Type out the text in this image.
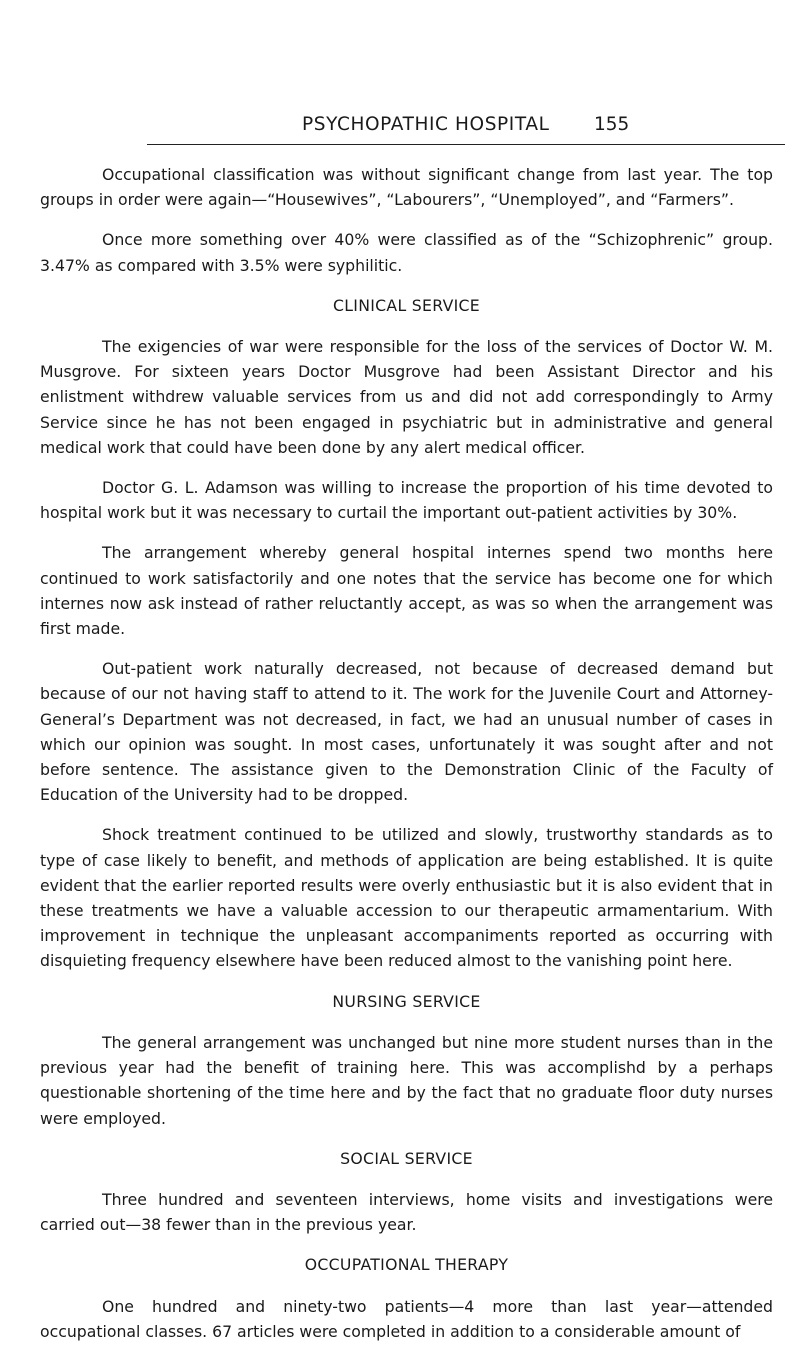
PSYCHOPATHIC HOSPITAL 155

Occupational classification was without significant change from last year. The top groups in order were again—“Housewives”, “Labourers”, “Unemployed”, and “Farmers”.

Once more something over 40% were classified as of the “Schizophrenic” group. 3.47% as compared with 3.5% were syphilitic.

CLINICAL SERVICE

The exigencies of war were responsible for the loss of the services of Doctor W. M. Musgrove. For sixteen years Doctor Musgrove had been Assistant Director and his enlistment withdrew valuable services from us and did not add correspondingly to Army Service since he has not been engaged in psychiatric but in administrative and general medical work that could have been done by any alert medical officer.

Doctor G. L. Adamson was willing to increase the proportion of his time devoted to hospital work but it was necessary to curtail the important out-patient activities by 30%.

The arrangement whereby general hospital internes spend two months here continued to work satisfactorily and one notes that the service has become one for which internes now ask instead of rather reluctantly accept, as was so when the arrangement was first made.

Out-patient work naturally decreased, not because of decreased demand but because of our not having staff to attend to it. The work for the Juvenile Court and Attorney-General’s Department was not decreased, in fact, we had an unusual number of cases in which our opinion was sought. In most cases, unfortunately it was sought after and not before sentence. The assistance given to the Demonstration Clinic of the Faculty of Education of the University had to be dropped.

Shock treatment continued to be utilized and slowly, trustworthy standards as to type of case likely to benefit, and methods of application are being established. It is quite evident that the earlier reported results were overly enthusiastic but it is also evident that in these treatments we have a valuable accession to our therapeutic armamentarium. With improvement in technique the unpleasant accompaniments reported as occurring with disquieting frequency elsewhere have been reduced almost to the vanishing point here.

NURSING SERVICE

The general arrangement was unchanged but nine more student nurses than in the previous year had the benefit of training here. This was accomplishd by a perhaps questionable shortening of the time here and by the fact that no graduate floor duty nurses were employed.

SOCIAL SERVICE

Three hundred and seventeen interviews, home visits and investigations were carried out—38 fewer than in the previous year.

OCCUPATIONAL THERAPY

One hundred and ninety-two patients—4 more than last year—attended occupational classes. 67 articles were completed in addition to a considerable amount of
